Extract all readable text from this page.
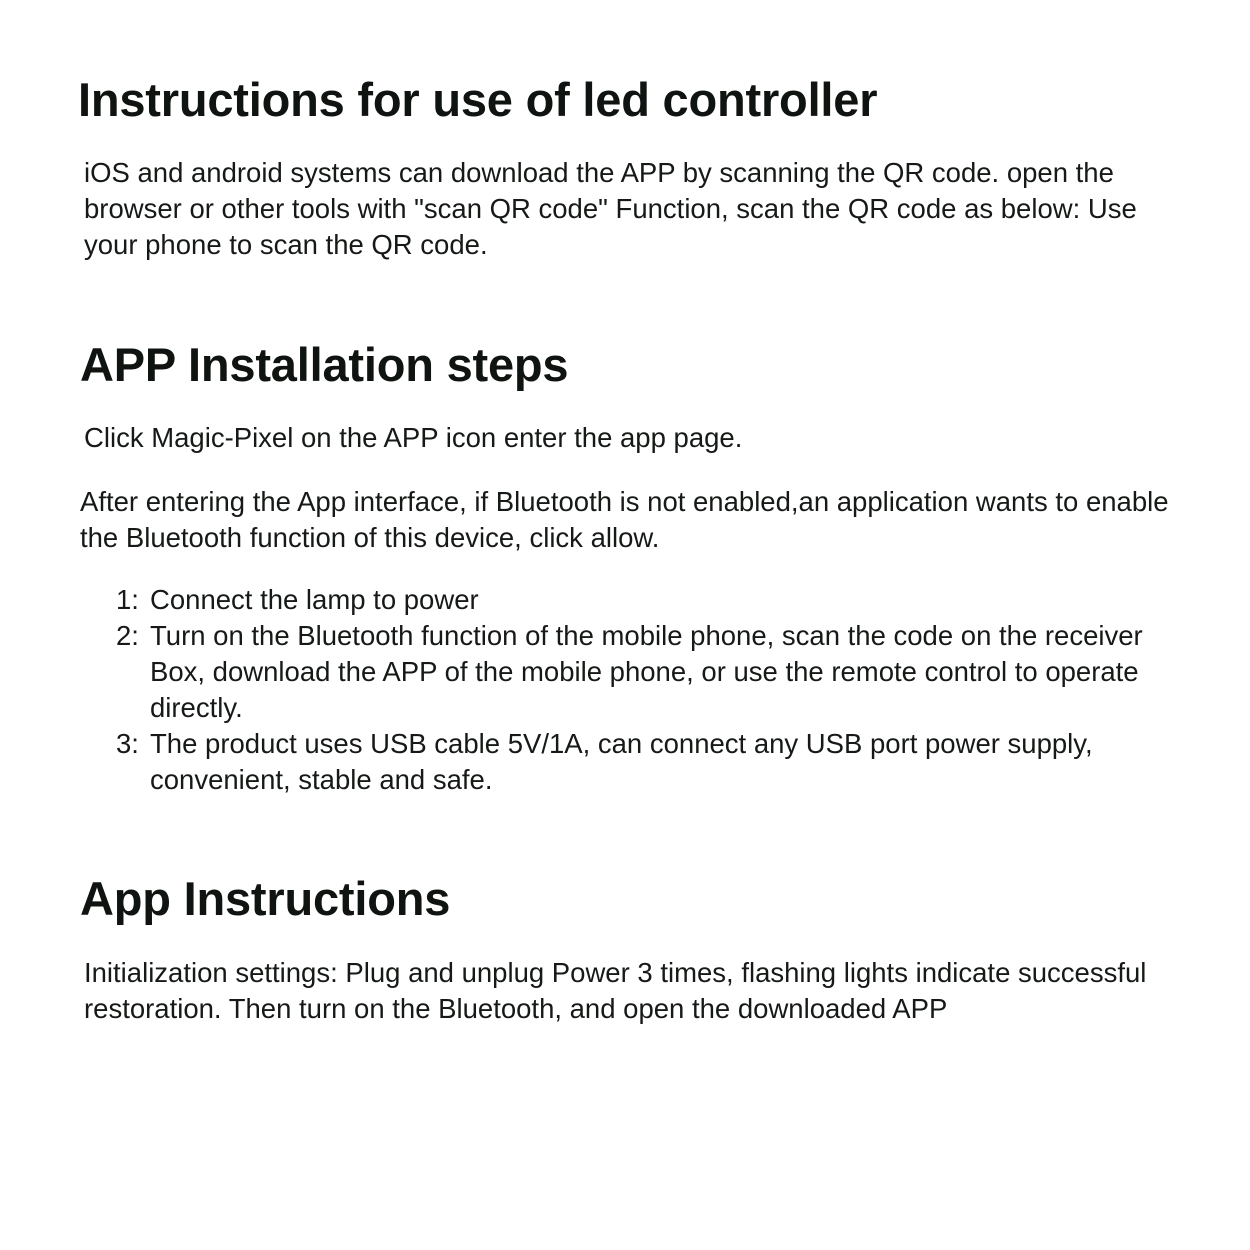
Instructions for use of led controller

iOS and android systems can download the APP by scanning the QR code. open the browser or other tools with "scan QR code" Function, scan the QR code as below: Use your phone to scan the QR code.

APP Installation steps

Click Magic-Pixel on the APP icon enter the app page.

After entering the App interface, if Bluetooth is not enabled,an application wants to enable the Bluetooth function of this device, click allow.

1: Connect the lamp to power
2: Turn on the Bluetooth function of the mobile phone, scan the code on the receiver Box, download the APP of the mobile phone, or use the remote control to operate directly.
3: The product uses USB cable 5V/1A, can connect any USB port power supply, convenient, stable and safe.
App Instructions

Initialization settings: Plug and unplug Power 3 times, flashing lights indicate successful restoration. Then turn on the Bluetooth, and open the downloaded APP
